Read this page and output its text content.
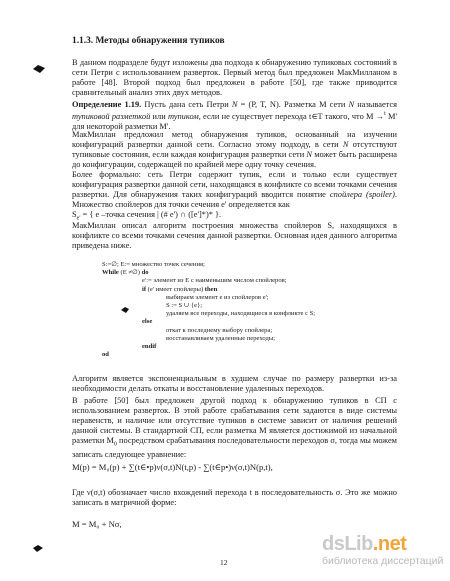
1.1.3. Методы обнаружения тупиков
В данном подразделе будут изложены два подхода к обнаружению тупиковых состояний в сети Петри с использованием разверток. Первый метод был предложен МакМилланом в работе [48]. Второй подход был предложен в работе [50], где также приводится сравнительный анализ этих двух методов.
Определение 1.19. Пусть дана сеть Петри N = (P, T, N). Разметка M сети N называется тупиковой разметкой или тупиком, если не существует перехода t∈T такого, что M →$^t$ M' для некоторой разметки M'.
МакМиллан предложил метод обнаружения тупиков, основанный на изучении конфигураций развертки данной сети. Согласно этому подходу, в сети N отсутствуют тупиковые состояния, если каждая конфигурация развертки сети N может быть расширена до конфигурации, содержащей по крайней мере одну точку сечения.
Более формально: сеть Петри содержит тупик, если и только если существует конфигурация развертки данной сети, находящаяся в конфликте со всеми точками сечения развертки. Для обнаружения таких конфигураций вводится понятие спойлера (spoiler). Множество спойлеров для точки сечения e' определяется как
$S_{e'}$ = { e –точка сечения | (# e') ∩ ([e']*)* }.
МакМиллан описал алгоритм построения множества спойлеров S, находящихся в конфликте со всеми точками сечения данной развертки. Основная идея данного алгоритма приведена ниже.
S:=∅; E:= множество точек сечения;
While (E ≠∅) do
e':= элемент из E с наименьшим числом спойлеров;
if (e' имеет спойлеры) then
выбираем элемент e из спойлеров e';
S := S ∪ {e};
удаляем все переходы, находящиеся в конфликте с S;
else
откат к последнему выбору спойлера;
восстанавливаем удаленные переходы;
endif
od
Алгоритм является экспоненциальным в худшем случае по размеру развертки из-за необходимости делать откаты и восстановление удаленных переходов.
В работе [50] был предложен другой подход к обнаружению тупиков в СП с использованием разверток. В этой работе срабатывания сети задаются в виде системы неравенств, и наличие или отсутствие тупиков в системе зависит от наличия решений данной системы. В стандартной СП, если разметка M является достижимой из начальной разметки $M_0$ посредством срабатывания последовательности переходов σ, тогда мы можем записать следующее уравнение:
M(p) = M₀(p) + ∑(t∈•p)ν(σ,t)N(t,p) - ∑(t∈p•)ν(σ,t)N(p,t),
Где ν(σ,t) обозначает число вхождений перехода t в последовательность σ. Это же можно записать в матричной форме:
M = M₀ + Nσ,
12
dsLib.net
библиотека диссертаций
